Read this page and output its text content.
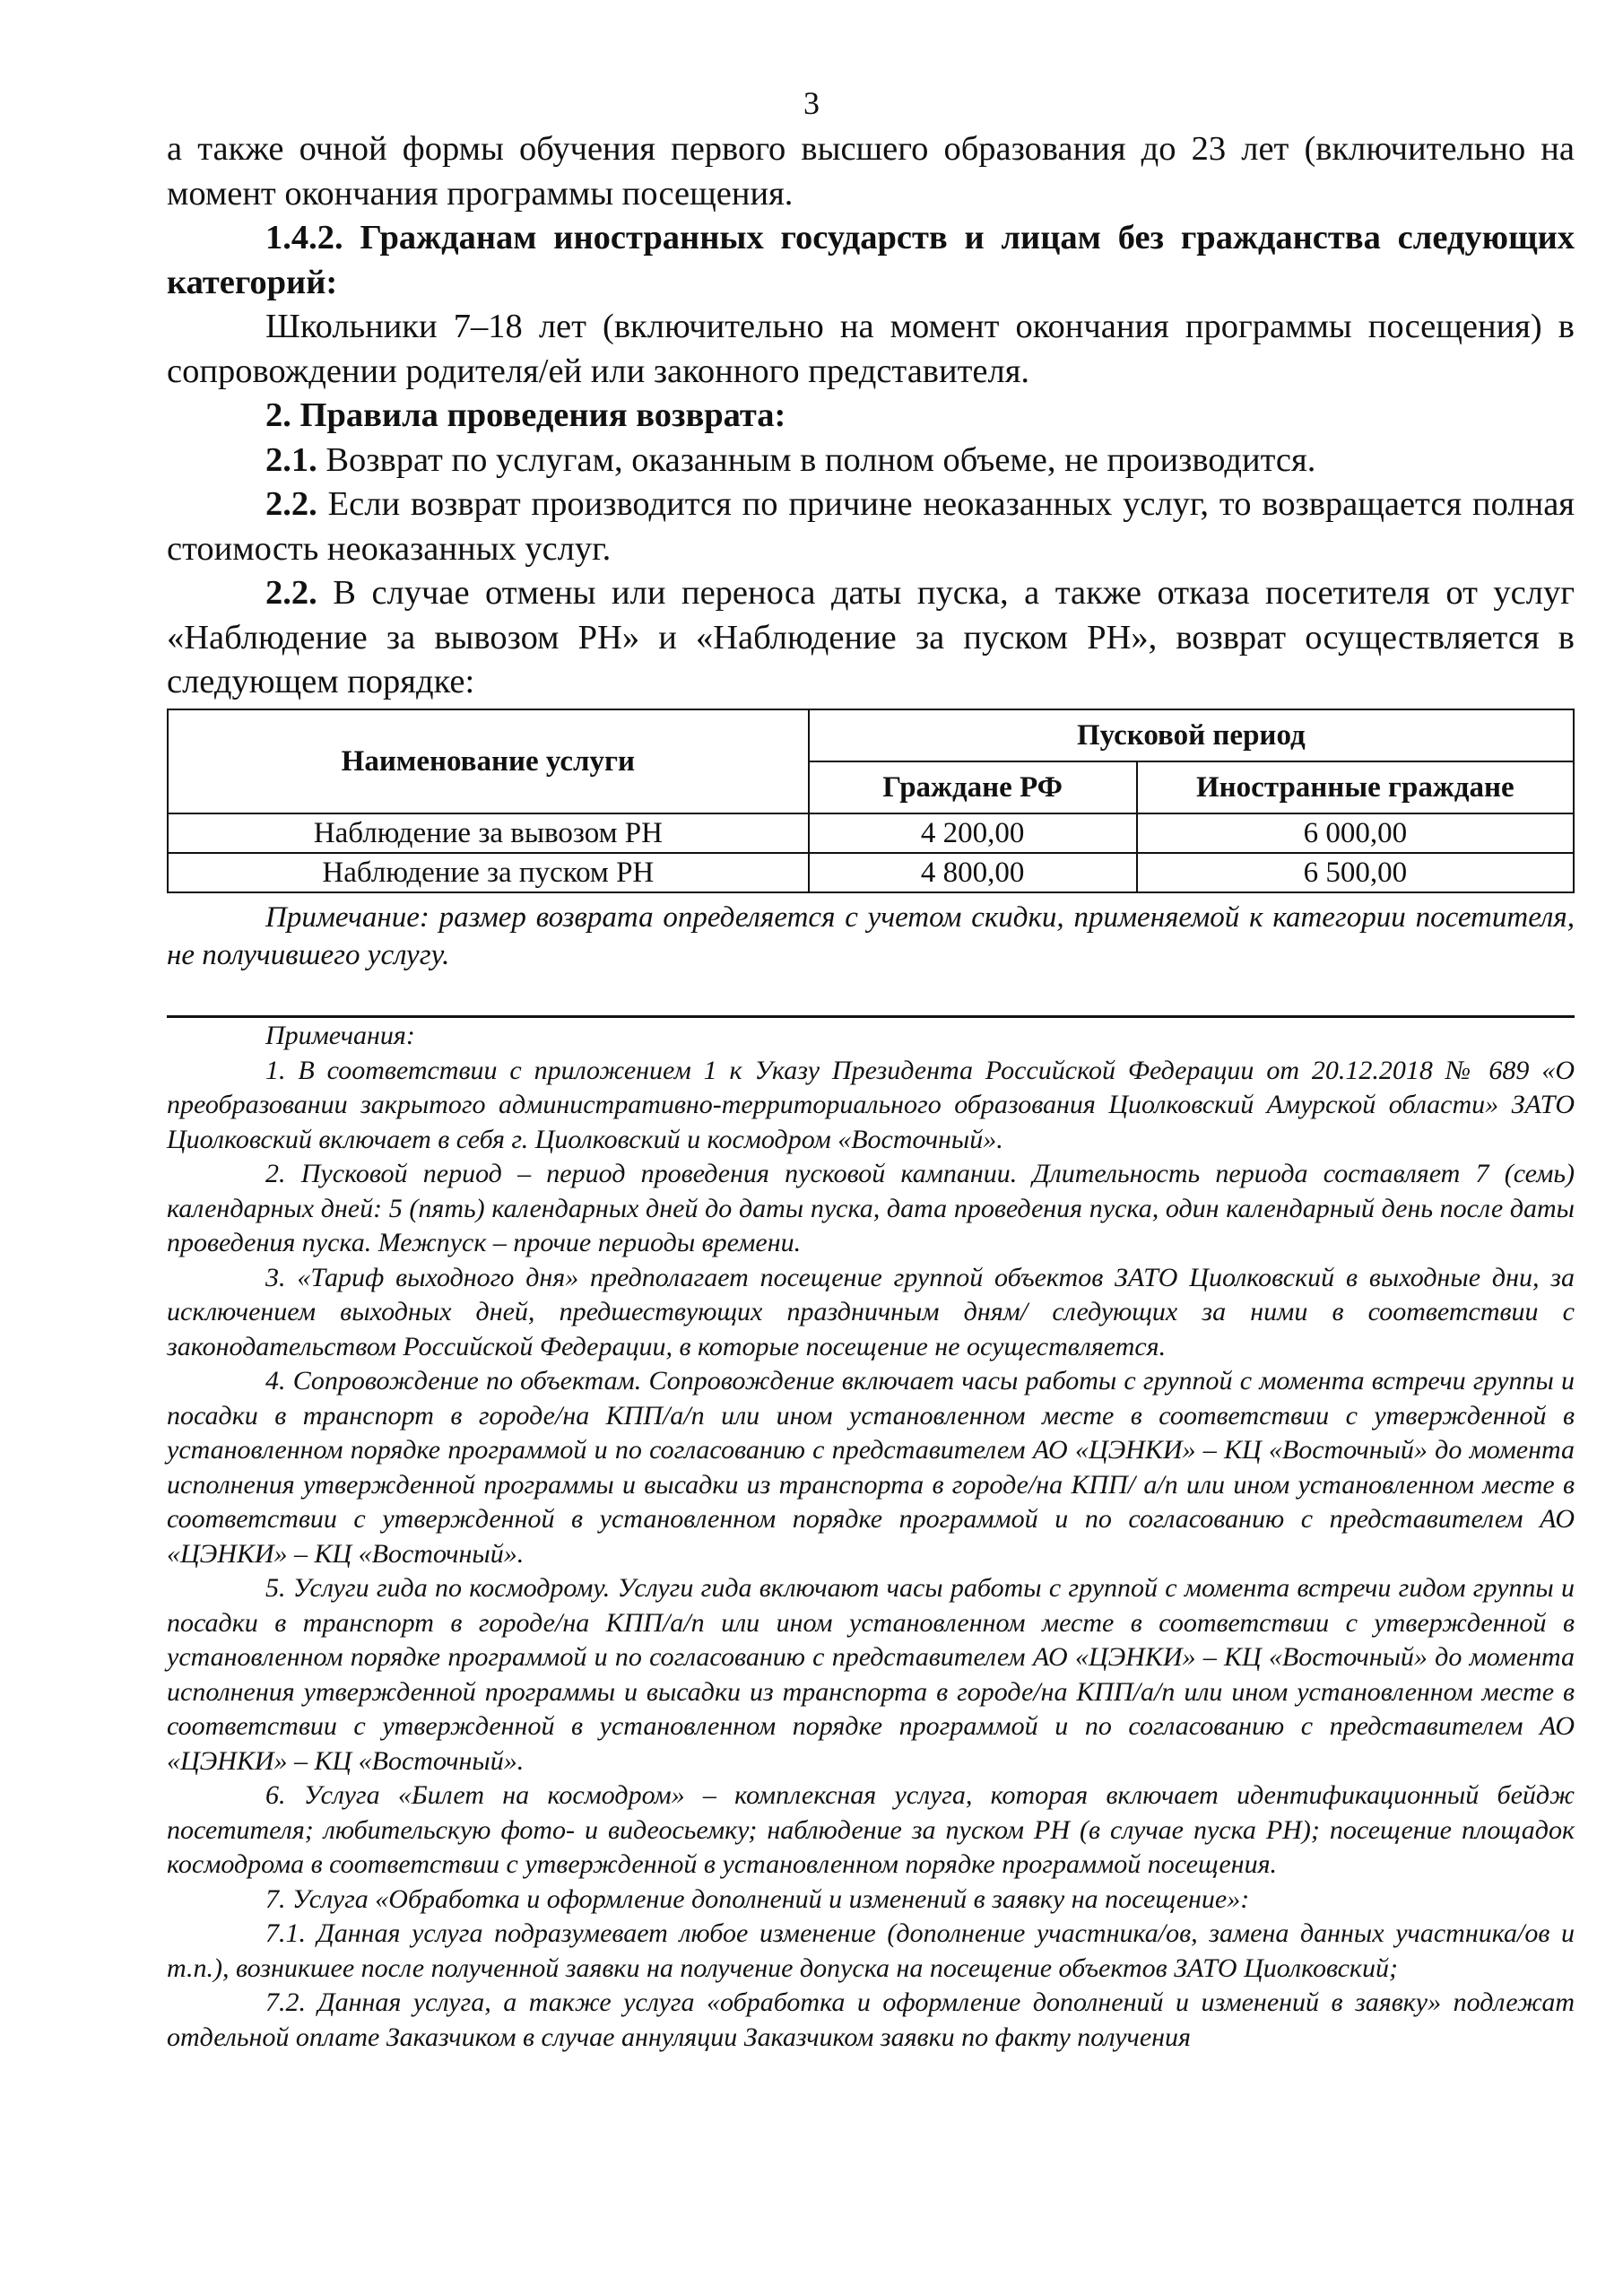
3

а также очной формы обучения первого высшего образования до 23 лет (включительно на момент окончания программы посещения.

1.4.2. Гражданам иностранных государств и лицам без гражданства следующих категорий:

Школьники 7–18 лет (включительно на момент окончания программы посещения) в сопровождении родителя/ей или законного представителя.

2. Правила проведения возврата:

2.1. Возврат по услугам, оказанным в полном объеме, не производится.

2.2. Если возврат производится по причине неоказанных услуг, то возвращается полная стоимость неоказанных услуг.

2.2. В случае отмены или переноса даты пуска, а также отказа посетителя от услуг «Наблюдение за вывозом РН» и «Наблюдение за пуском РН», возврат осуществляется в следующем порядке:

Наименование услуги	Пусковой период	
	Граждане РФ	Иностранные граждане
Наблюдение за вывозом РН	4 200,00	6 000,00
Наблюдение за пуском РН	4 800,00	6 500,00

Примечание: размер возврата определяется с учетом скидки, применяемой к категории посетителя, не получившего услугу.

Примечания:

1. В соответствии с приложением 1 к Указу Президента Российской Федерации от 20.12.2018 № 689 «О преобразовании закрытого административно-территориального образования Циолковский Амурской области» ЗАТО Циолковский включает в себя г. Циолковский и космодром «Восточный».

2. Пусковой период – период проведения пусковой кампании. Длительность периода составляет 7 (семь) календарных дней: 5 (пять) календарных дней до даты пуска, дата проведения пуска, один календарный день после даты проведения пуска. Межпуск – прочие периоды времени.

3. «Тариф выходного дня» предполагает посещение группой объектов ЗАТО Циолковский в выходные дни, за исключением выходных дней, предшествующих праздничным дням/ следующих за ними в соответствии с законодательством Российской Федерации, в которые посещение не осуществляется.

4. Сопровождение по объектам. Сопровождение включает часы работы с группой с момента встречи группы и посадки в транспорт в городе/на КПП/а/п или ином установленном месте в соответствии с утвержденной в установленном порядке программой и по согласованию с представителем АО «ЦЭНКИ» – КЦ «Восточный» до момента исполнения утвержденной программы и высадки из транспорта в городе/на КПП/ а/п или ином установленном месте в соответствии с утвержденной в установленном порядке программой и по согласованию с представителем АО «ЦЭНКИ» – КЦ «Восточный».

5. Услуги гида по космодрому. Услуги гида включают часы работы с группой с момента встречи гидом группы и посадки в транспорт в городе/на КПП/а/п или ином установленном месте в соответствии с утвержденной в установленном порядке программой и по согласованию с представителем АО «ЦЭНКИ» – КЦ «Восточный» до момента исполнения утвержденной программы и высадки из транспорта в городе/на КПП/а/п или ином установленном месте в соответствии с утвержденной в установленном порядке программой и по согласованию с представителем АО «ЦЭНКИ» – КЦ «Восточный».

6. Услуга «Билет на космодром» – комплексная услуга, которая включает идентификационный бейдж посетителя; любительскую фото- и видеосьемку; наблюдение за пуском РН (в случае пуска РН); посещение площадок космодрома в соответствии с утвержденной в установленном порядке программой посещения.

7. Услуга «Обработка и оформление дополнений и изменений в заявку на посещение»:

7.1. Данная услуга подразумевает любое изменение (дополнение участника/ов, замена данных участника/ов и т.п.), возникшее после полученной заявки на получение допуска на посещение объектов ЗАТО Циолковский;

7.2. Данная услуга, а также услуга «обработка и оформление дополнений и изменений в заявку» подлежат отдельной оплате Заказчиком в случае аннуляции Заказчиком заявки по факту получения
